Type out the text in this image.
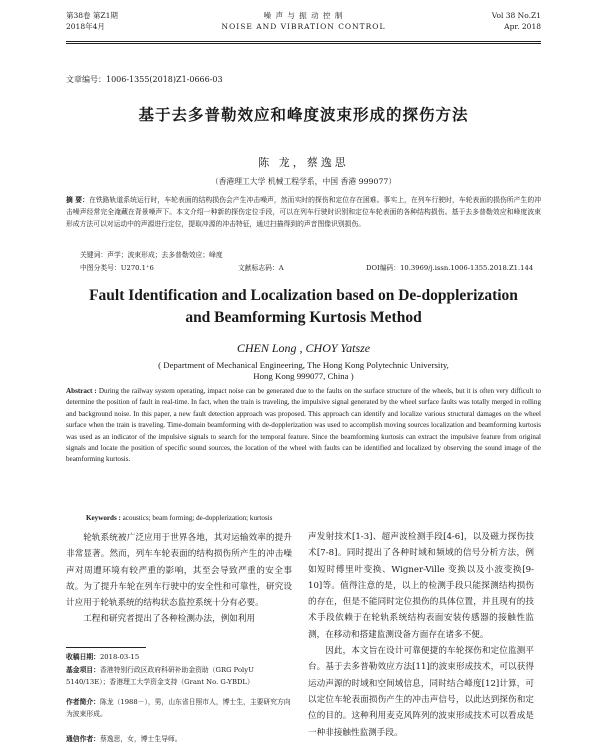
第38卷 第Z1期
2018年4月
噪 声 与 振 动 控 制
NOISE AND VIBRATION CONTROL
Vol 38 No.Z1
Apr. 2018
文章编号：1006-1355(2018)Z1-0666-03
基于去多普勒效应和峰度波束形成的探伤方法
陈 龙，蔡逸思
（香港理工大学 机械工程学系，中国 香港 999077）
摘 要：在铁路轨道系统运行时，车轮表面的结构损伤会产生冲击噪声，然而实时的探伤和定位存在困难。事实上，在列车行驶时，车轮表面的损伤所产生的冲击噪声经常完全淹藏在背景噪声下。本文介绍一种新的探伤定位手段，可以在列车行驶时识别和定位车轮表面的各种结构损伤。基于去多普勒效应和峰度波束形成方法可以对运动中的声源进行定位，提取冲源的冲击特征，通过扫描得到的声音图像识别损伤。
关键词：声学；波束形成；去多普勒效应；峰度
中图分类号：U270.1⁺6	文献标志码：A	DOI编码：10.3969/j.issn.1006-1355.2018.Z1.144
Fault Identification and Localization based on De-dopplerization
and Beamforming Kurtosis Method
CHEN Long , CHOY Yatsze
( Department of Mechanical Engineering, The Hong Kong Polytechnic University,
Hong Kong 999077, China )
Abstract : During the railway system operating, impact noise can be generated due to the faults on the surface structure of the wheels, but it is often very difficult to determine the position of fault in real-time. In fact, when the train is traveling, the impulsive signal generated by the wheel surface faults was totally merged in rolling and background noise. In this paper, a new fault detection approach was proposed. This approach can identify and localize various structural damages on the wheel surface when the train is traveling. Time-domain beamforming with de-dopplerization was used to accomplish moving sources localization and beamforming kurtosis was used as an indicator of the impulsive signals to search for the temporal feature. Since the beamforming kurtosis can extract the impulsive feature from original signals and locate the position of specific sound sources, the location of the wheel with faults can be identified and localized by observing the sound image of the beamforming kurtosis.
Keywords : acoustics; beam forming; de-dopplerization; kurtosis

轮轨系统被广泛应用于世界各地，其对运输效率的提升非常显著。然而，列车车轮表面的结构损伤所产生的冲击噪声对周遭环境有较严重的影响，其至会导致严重的安全事故。为了提升车轮在列车行驶中的安全性和可靠性，研究设计应用于轮轨系统的结构状态监控系统十分有必要。

工程和研究者提出了各种检测办法，例如利用

声发射技术[1-3]、超声波检测手段[4-6]，以及磁力探伤技术[7-8]。同时提出了各种时域和频域的信号分析方法，例如短时傅里叶变换、Wigner-Ville 变换以及小波变换[9-10]等。值得注意的是，以上的检测手段只能探测结构损伤的存在，但是不能同时定位损伤的具体位置，并且现有的技术手段依赖于在轮轨系统结构表面安装传感器的接触性监测，在移动和搭建监测设备方面存在诸多不便。

因此，本文旨在设计可靠便捷的车轮探伤和定位监测平台。基于去多普勒效应方法[11]的波束形成技术，可以获得运动声源的时域和空间域信息，同时结合峰度[12]计算，可以定位车轮表面损伤产生的冲击声信号，以此达到探伤和定位的目的。这种利用麦克风阵列的波束形成技术可以看成是一种非接触性监测手段。

收稿日期：2018-03-15
基金项目：香港特别行政区政府科研补助金资助（GRG PolyU 5140/13E）；香港理工大学资金支持（Grant No. G-YBDL）
作者简介：陈龙（1988－），男，山东省日照市人，博士生，主要研究方向为波束形成。
通信作者：蔡逸思，女，博士生导师。
